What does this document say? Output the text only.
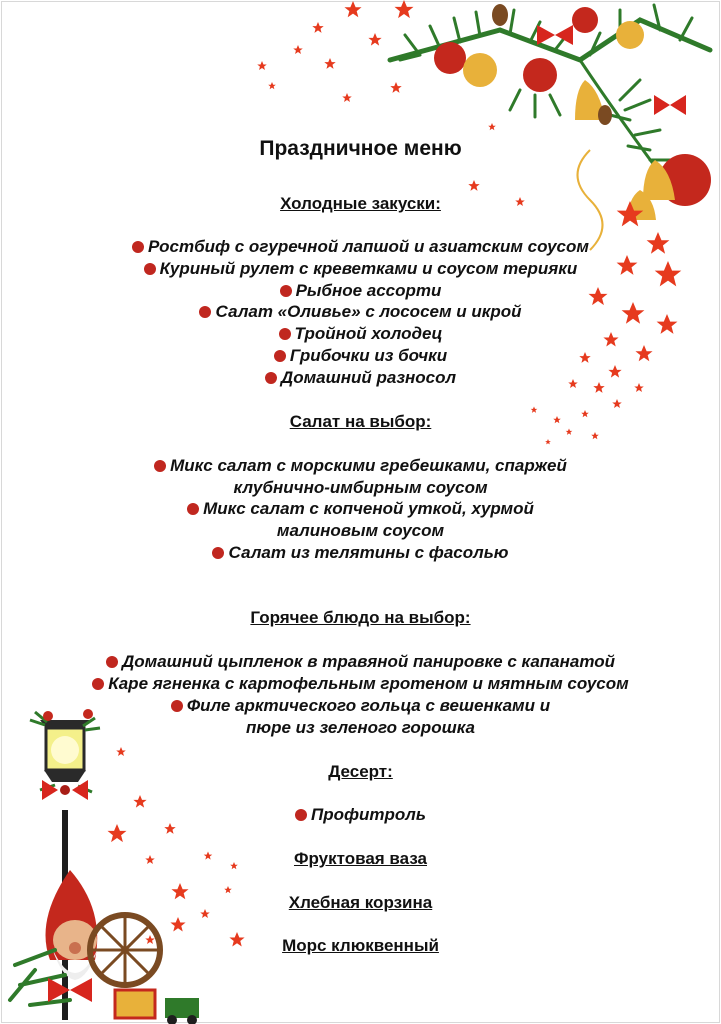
Праздничное меню
Холодные закуски:
Ростбиф с огуречной лапшой и азиатским соусом
Куриный рулет с креветками и соусом терияки
Рыбное ассорти
Салат «Оливье» с лососем и икрой
Тройной холодец
Грибочки из бочки
Домашний разносол
Салат на выбор:
Микс салат с морскими гребешками, спаржей
клубнично-имбирным соусом
Микс салат с копченой уткой, хурмой
малиновым соусом
Салат из телятины с фасолью
Горячее блюдо на выбор:
Домашний цыпленок в травяной панировке с капанатой
Каре ягненка с картофельным гротеном и мятным соусом
Филе арктического гольца с вешенками и
пюре из зеленого горошка
Десерт:
Профитроль
Фруктовая ваза
Хлебная корзина
Морс клюквенный
